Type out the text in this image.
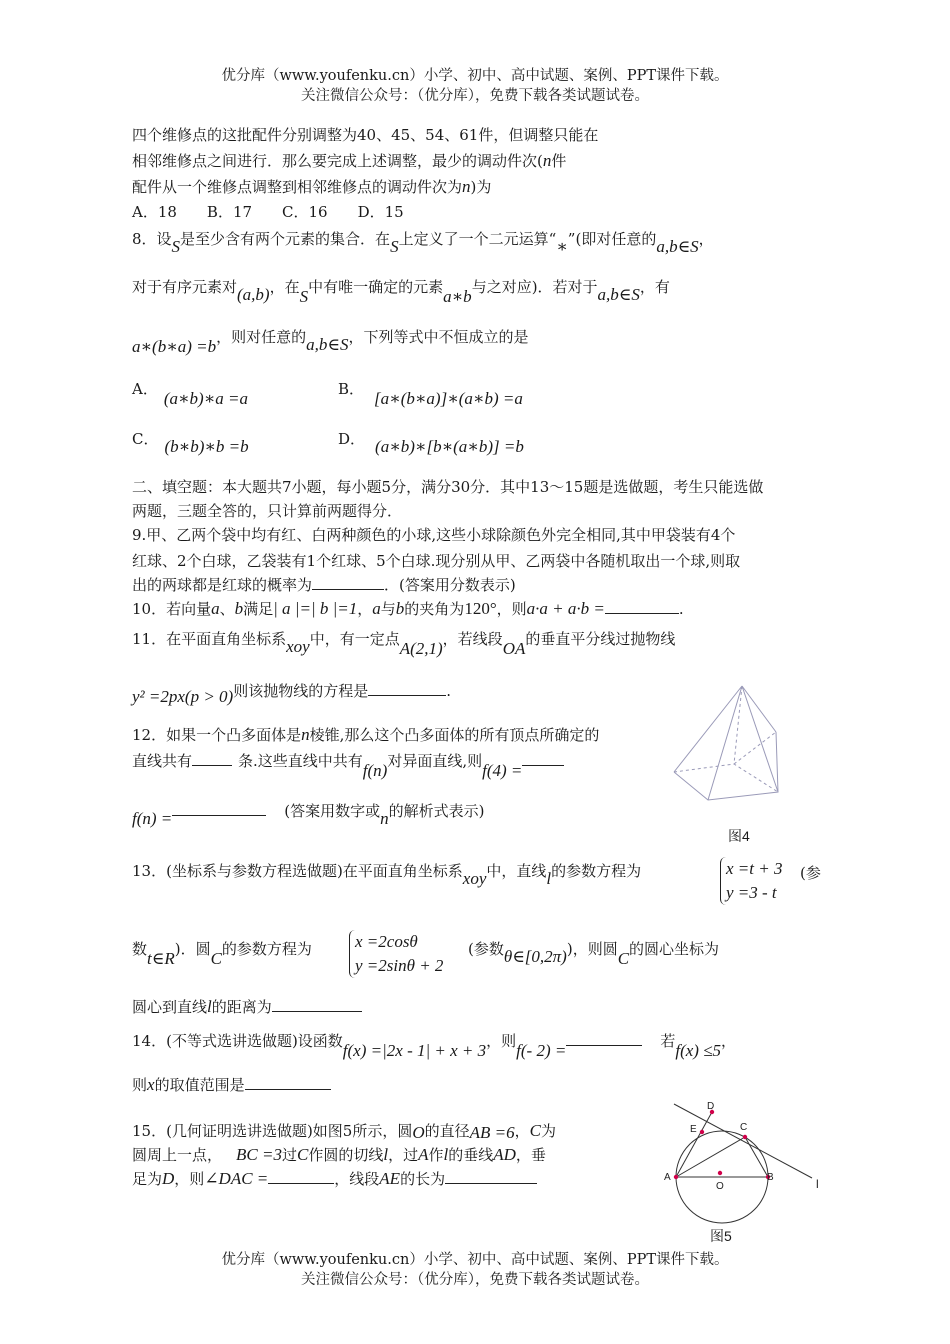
优分库（www.youfenku.cn）小学、初中、高中试题、案例、PPT课件下载。
关注微信公众号：（优分库），免费下载各类试题试卷。
四个维修点的这批配件分别调整为40、45、54、61件，但调整只能在
相邻维修点之间进行．那么要完成上述调整，最少的调动件次(n件
配件从一个维修点调整到相邻维修点的调动件次为n)为
A．18　　B．17　　C．16　　D．15
8．设S是至少含有两个元素的集合．在S上定义了一个二元运算“∗”(即对任意的a,b∈S，
对于有序元素对(a,b)，在S中有唯一确定的元素a∗b与之对应)．若对于a,b∈S，有
a∗(b∗a) =b，则对任意的a,b∈S，下列等式中不恒成立的是
A． (a∗b)∗a =a	B． [a∗(b∗a)]∗(a∗b) =a
C． (b∗b)∗b =b	D． (a∗b)∗[b∗(a∗b)] =b
二、填空题：本大题共7小题，每小题5分，满分30分．其中13～15题是选做题，考生只能选做
两题，三题全答的，只计算前两题得分．
9.甲、乙两个袋中均有红、白两种颜色的小球,这些小球除颜色外完全相同,其中甲袋装有4个
红球、2个白球，乙袋装有1个红球、5个白球.现分别从甲、乙两袋中各随机取出一个球,则取
出的两球都是红球的概率为	．(答案用分数表示)
10．若向量a、b满足| a |=| b |=1，a与b的夹角为120°，则a·a + a·b =	.
11．在平面直角坐标系xoy中，有一定点A(2,1)，若线段OA的垂直平分线过抛物线
y² =2px(p > 0)则该抛物线的方程是	.
12．如果一个凸多面体是n棱锥,那么这个凸多面体的所有顶点所确定的
直线共有	条.这些直线中共有f(n)对异面直线,则f(4) =
f(n) =	(答案用数字或n的解析式表示)
图4
13．(坐标系与参数方程选做题)在平面直角坐标系xoy中，直线l的参数方程为	x =t + 3
y =3 - t
(参
数t∈R)．圆C的参数方程为	x =2cosθ
y =2sinθ + 2
(参数θ∈[0,2π))，则圆C的圆心坐标为
圆心到直线l的距离为
14．(不等式选讲选做题)设函数f(x) =|2x - 1| + x + 3，则f(- 2) =	若f(x) ≤5，
则x的取值范围是
15．(几何证明选讲选做题)如图5所示，圆O的直径AB =6，C为
圆周上一点， BC =3过C作圆的切线l，过A作l的垂线AD，垂
足为D，则∠DAC =	，线段AE的长为
D
E	C
A
O
B	l
图5
优分库（www.youfenku.cn）小学、初中、高中试题、案例、PPT课件下载。
关注微信公众号：（优分库），免费下载各类试题试卷。
